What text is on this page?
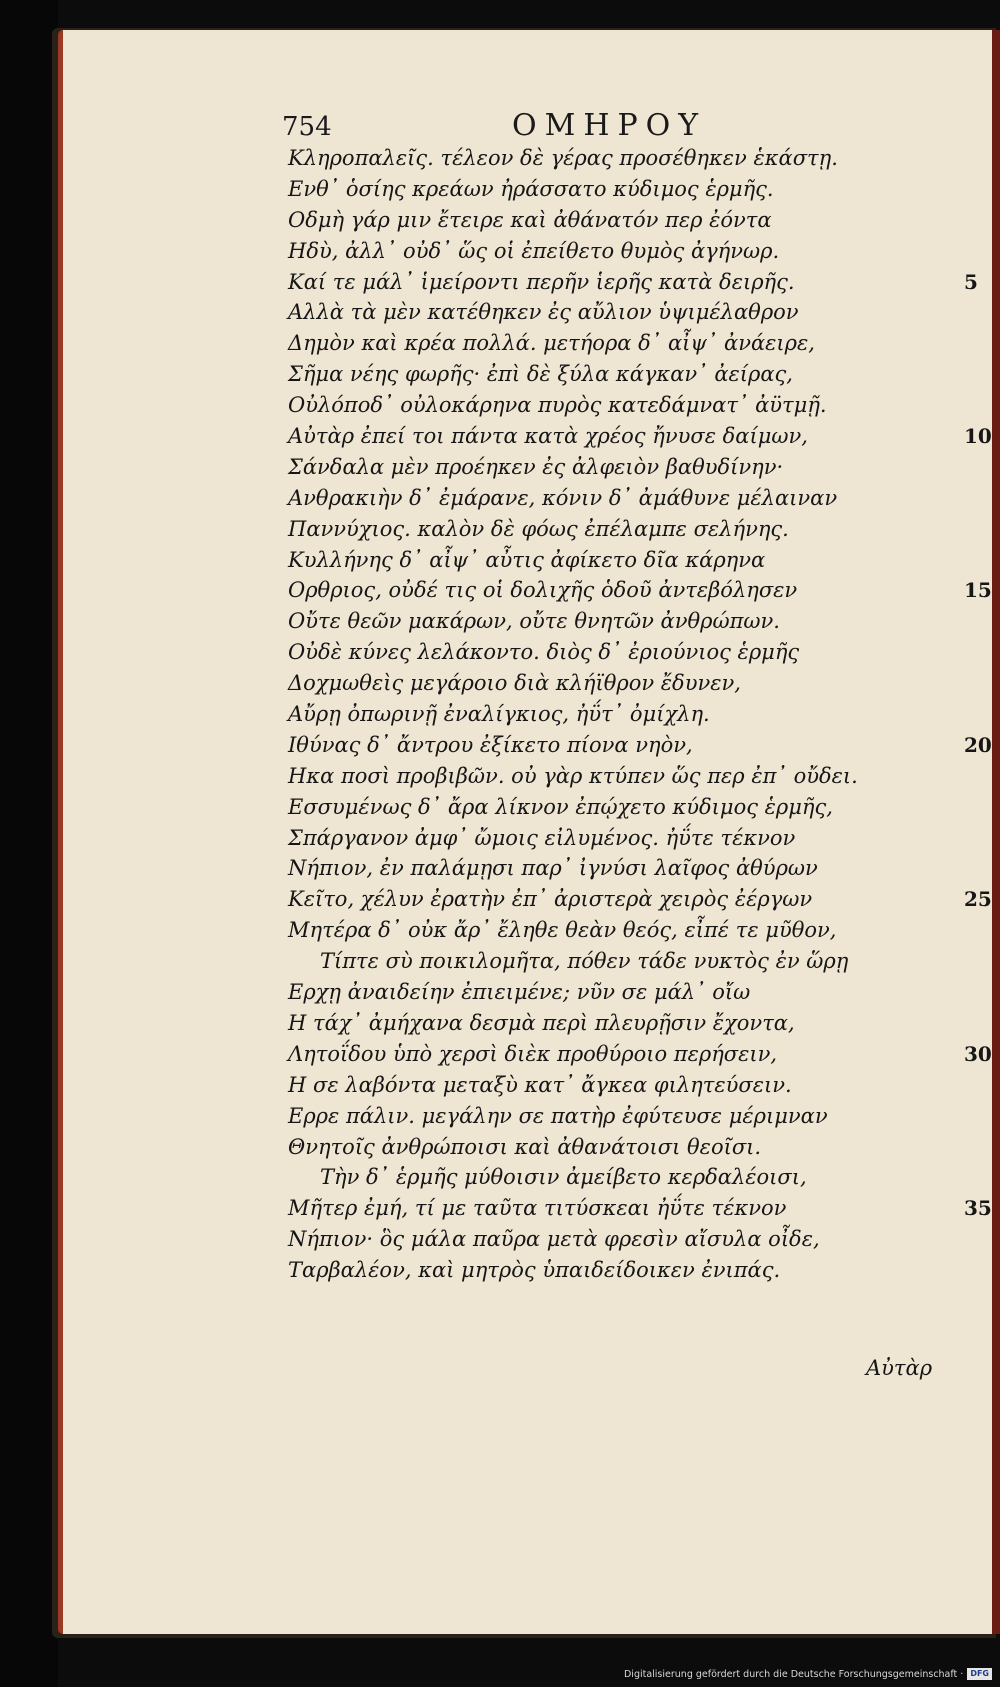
754	ΟΜΗΡΟΥ
Κληροπαλεῖς. τέλεον δὲ γέρας προσέθηκεν ἑκάστῃ.
Ενθ᾽ ὁσίης κρεάων ἠράσσατο κύδιμος ἑρμῆς.
Οδμὴ γάρ μιν ἔτειρε καὶ ἀθάνατόν περ ἐόντα
Ηδὺ, ἀλλ᾽ οὐδ᾽ ὥς οἱ ἐπείθετο θυμὸς ἀγήνωρ.
Καί τε μάλ᾽ ἱμείροντι περῆν ἱερῆς κατὰ δειρῆς.	5
Αλλὰ τὰ μὲν κατέθηκεν ἐς αὔλιον ὑψιμέλαθρον
Δημὸν καὶ κρέα πολλά. μετήορα δ᾽ αἶψ᾽ ἀνάειρε,
Σῆμα νέης φωρῆς· ἐπὶ δὲ ξύλα κάγκαν᾽ ἀείρας,
Οὐλόποδ᾽ οὐλοκάρηνα πυρὸς κατεδάμνατ᾽ ἀϋτμῇ.
Αὐτὰρ ἐπεί τοι πάντα κατὰ χρέος ἤνυσε δαίμων,	10
Σάνδαλα μὲν προέηκεν ἐς ἀλφειὸν βαθυδίνην·
Ανθρακιὴν δ᾽ ἐμάρανε, κόνιν δ᾽ ἀμάθυνε μέλαιναν
Παννύχιος. καλὸν δὲ φόως ἐπέλαμπε σελήνης.
Κυλλήνης δ᾽ αἶψ᾽ αὖτις ἀφίκετο δῖα κάρηνα
Ορθριος, οὐδέ τις οἱ δολιχῆς ὁδοῦ ἀντεβόλησεν	15
Οὔτε θεῶν μακάρων, οὔτε θνητῶν ἀνθρώπων.
Οὐδὲ κύνες λελάκοντο. διὸς δ᾽ ἐριούνιος ἑρμῆς
Δοχμωθεὶς μεγάροιο διὰ κλήϊθρον ἔδυνεν,
Αὔρῃ ὀπωρινῇ ἐναλίγκιος, ἠΰτ᾽ ὀμίχλη.
Ιθύνας δ᾽ ἄντρου ἐξίκετο πίονα νηὸν,	20
Ηκα ποσὶ προβιβῶν. οὐ γὰρ κτύπεν ὥς περ ἐπ᾽ οὔδει.
Εσσυμένως δ᾽ ἄρα λίκνον ἐπῴχετο κύδιμος ἑρμῆς,
Σπάργανον ἀμφ᾽ ὤμοις εἰλυμένος. ἠΰτε τέκνον
Νήπιον, ἐν παλάμῃσι παρ᾽ ἰγνύσι λαῖφος ἀθύρων
Κεῖτο, χέλυν ἐρατὴν ἐπ᾽ ἀριστερὰ χειρὸς ἐέργων	25
Μητέρα δ᾽ οὐκ ἄρ᾽ ἔληθε θεὰν θεός, εἶπέ τε μῦθον,
Τίπτε σὺ ποικιλομῆτα, πόθεν τάδε νυκτὸς ἐν ὥρῃ
Ερχῃ ἀναιδείην ἐπιειμένε; νῦν σε μάλ᾽ οἴω
Η τάχ᾽ ἀμήχανα δεσμὰ περὶ πλευρῇσιν ἔχοντα,
Λητοΐδου ὑπὸ χερσὶ διὲκ προθύροιο περήσειν,	30
Η σε λαβόντα μεταξὺ κατ᾽ ἄγκεα φιλητεύσειν.
Ερρε πάλιν. μεγάλην σε πατὴρ ἐφύτευσε μέριμναν
Θνητοῖς ἀνθρώποισι καὶ ἀθανάτοισι θεοῖσι.
Τὴν δ᾽ ἑρμῆς μύθοισιν ἀμείβετο κερδαλέοισι,
Μῆτερ ἐμή, τί με ταῦτα τιτύσκεαι ἠΰτε τέκνον	35
Νήπιον· ὃς μάλα παῦρα μετὰ φρεσὶν αἴσυλα οἶδε,
Ταρβαλέον, καὶ μητρὸς ὑπαιδείδοικεν ἐνιπάς.
Αὐτὰρ
Digitalisierung gefördert durch die Deutsche Forschungsgemeinschaft · DFG
